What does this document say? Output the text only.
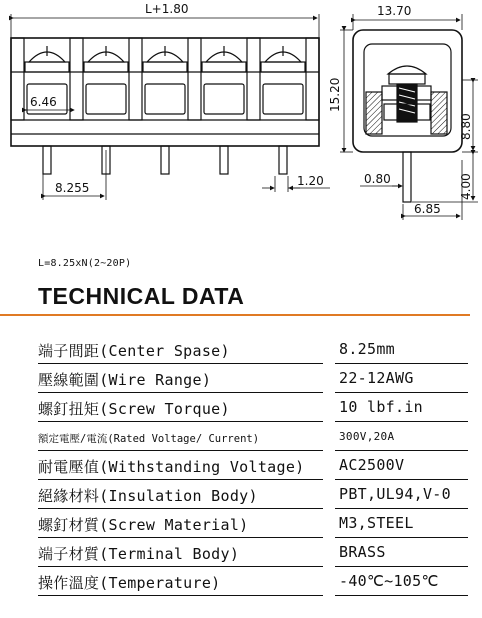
L+1.80
6.46
8.255	1.20
13.70
15.20
8.80
4.00
0.80
6.85
L=8.25xN(2~20P)
TECHNICAL DATA
端子間距(Center Spase)	8.25mm
壓線範圍(Wire Range)	22-12AWG
螺釘扭矩(Screw Torque)	10 lbf.in
額定電壓/電流(Rated Voltage/ Current)	300V,20A
耐電壓值(Withstanding Voltage) AC2500V
絕緣材料(Insulation Body)	PBT,UL94,V-0
螺釘材質(Screw Material)	M3,STEEL
端子材質(Terminal Body)	BRASS
操作溫度(Temperature)	-40℃~105℃
